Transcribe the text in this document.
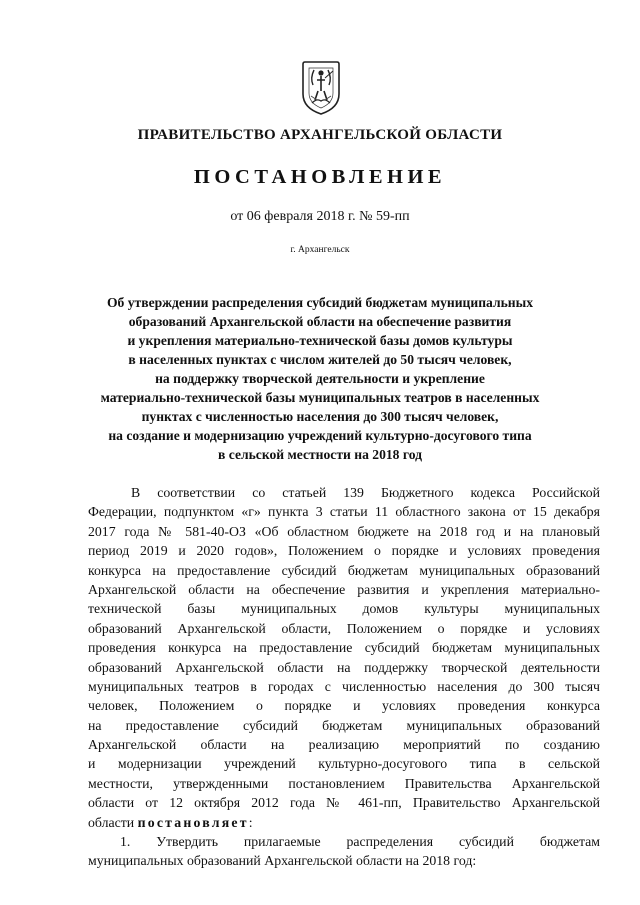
ПРАВИТЕЛЬСТВО АРХАНГЕЛЬСКОЙ ОБЛАСТИ
ПОСТАНОВЛЕНИЕ
от 06 февраля 2018 г. № 59-пп
г. Архангельск
Об утверждении распределения субсидий бюджетам муниципальных
образований Архангельской области на обеспечение развития
и укрепления материально-технической базы домов культуры
в населенных пунктах с числом жителей до 50 тысяч человек,
на поддержку творческой деятельности и укрепление
материально-технической базы муниципальных театров в населенных
пунктах с численностью населения до 300 тысяч человек,
на создание и модернизацию учреждений культурно-досугового типа
в сельской местности на 2018 год
В соответствии со статьей 139 Бюджетного кодекса Российской
Федерации, подпунктом «г» пункта 3 статьи 11 областного закона от 15 декабря
2017 года № 581-40-ОЗ «Об областном бюджете на 2018 год и на плановый
период 2019 и 2020 годов», Положением о порядке и условиях проведения
конкурса на предоставление субсидий бюджетам муниципальных образований
Архангельской области на обеспечение развития и укрепления материально-
технической базы муниципальных домов культуры муниципальных
образований Архангельской области, Положением о порядке и условиях
проведения конкурса на предоставление субсидий бюджетам муниципальных
образований Архангельской области на поддержку творческой деятельности
муниципальных театров в городах с численностью населения до 300 тысяч
человек, Положением о порядке и условиях проведения конкурса
на предоставление субсидий бюджетам муниципальных образований
Архангельской области на реализацию мероприятий по созданию
и модернизации учреждений культурно-досугового типа в сельской
местности, утвержденными постановлением Правительства Архангельской
области от 12 октября 2012 года № 461-пп, Правительство Архангельской
области постановляет:
1. Утвердить прилагаемые распределения субсидий бюджетам
муниципальных образований Архангельской области на 2018 год:
